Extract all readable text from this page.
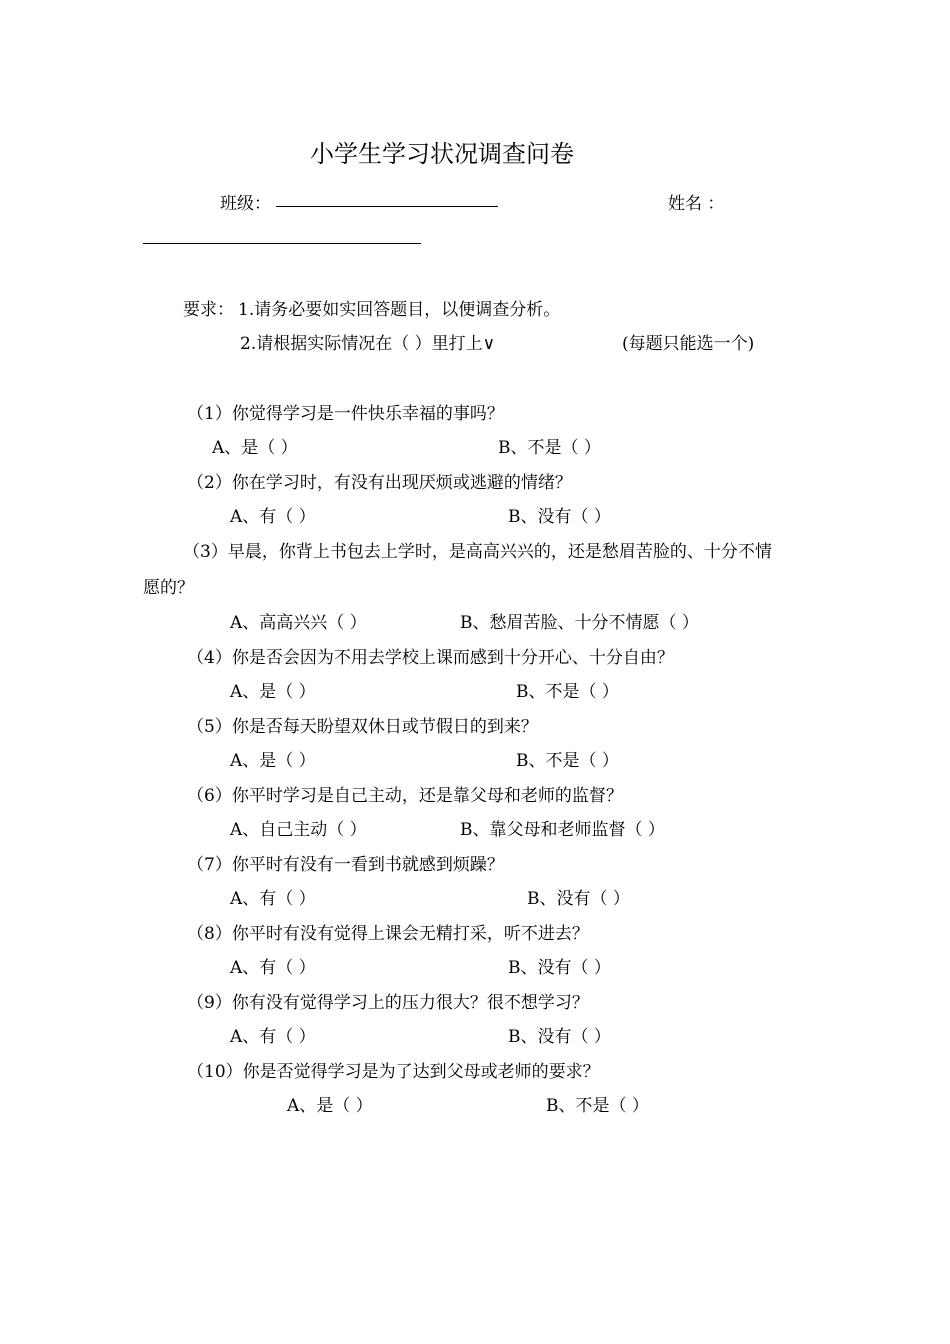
小学生学习状况调查问卷
班级：	姓名 ：
要求： 1.请务必要如实回答题目，以便调查分析。
2.请根据实际情况在（ ）里打上∨	(每题只能选一个)
（1）你觉得学习是一件快乐幸福的事吗？
A、是（ ）	B、不是（ ）
（2）你在学习时，有没有出现厌烦或逃避的情绪？
A、有（ ）	B、没有（ ）
（3）早晨，你背上书包去上学时，是高高兴兴的，还是愁眉苦脸的、十分不情
愿的？
A、高高兴兴（ ）	B、愁眉苦脸、十分不情愿（ ）
（4）你是否会因为不用去学校上课而感到十分开心、十分自由？
A、是（ ）	B、不是（ ）
（5）你是否每天盼望双休日或节假日的到来？
A、是（ ）	B、不是（ ）
（6）你平时学习是自己主动，还是靠父母和老师的监督？
A、自己主动（ ）	B、靠父母和老师监督（ ）
（7）你平时有没有一看到书就感到烦躁？
A、有（ ）	B、没有（ ）
（8）你平时有没有觉得上课会无精打采，听不进去？
A、有（ ）	B、没有（ ）
（9）你有没有觉得学习上的压力很大？很不想学习？
A、有（ ）	B、没有（ ）
（10）你是否觉得学习是为了达到父母或老师的要求？
A、是（ ）	B、不是（ ）
